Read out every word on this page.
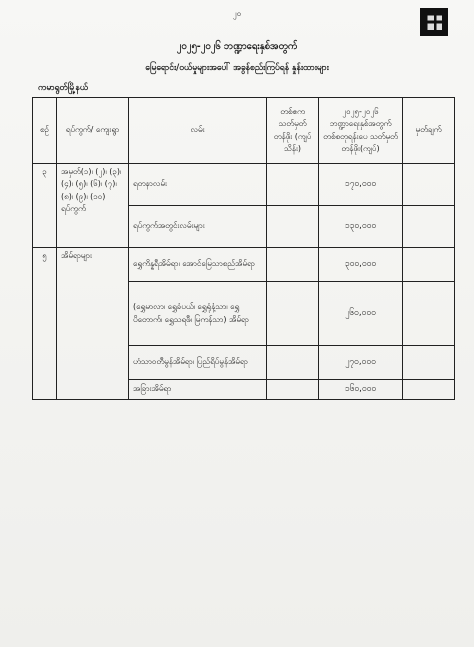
၂၀
၂၀၂၅-၂၀၂၆ ဘဏ္ဍာရေးနှစ်အတွက်
မြေရောင်း/ဝယ်မှုများအပေါ် အခွန်စည်းကြပ်ရန် နှုန်းထားများ
ကမာရွတ်မြို့နယ်
စဉ်	ရပ်ကွက်/ ကျေးရွာ	လမ်း	တစ်ဧက သတ်မှတ် တန်ဖိုး (ကျပ်သိန်း)	၂၀၂၅-၂၀၂၆ ဘဏ္ဍာရေးနှစ်အတွက် တစ်စတုရန်းပေ သတ်မှတ်တန်ဖိုး(ကျပ်)	မှတ်ချက်
၃	အမှတ်(၁)၊ (၂)၊ (၃)၊ (၄)၊ (၅)၊ (၆)၊ (၇)၊ (၈)၊ (၉)၊ (၁၀) ရပ်ကွက်	ရတနာလမ်း		၁၇၀,၀၀၀	
		ရပ်ကွက်အတွင်းလမ်းများ		၁၃၀,၀၀၀	
၅	အိမ်ရာများ	ရွှေကိန္နရီအိမ်ရာ၊ အောင်မြေသာစည်အိမ်ရာ		၃၀၀,၀၀၀	
		(ရွှေမာလာ၊ ရွှေခံပယ်၊ ရွှေရုံနံ့သာ၊ ရွှေပိတောက်၊ ရွှေသရဖီ၊ မြကန်သာ) အိမ်ရာ		၂၆၀,၀၀၀	
		ဟံသာဝတီမွန်အိမ်ရာ၊ ပြည်ရိပ်မွန်အိမ်ရာ		၂၇၀,၀၀၀	
		အခြားအိမ်ရာ		၁၆၀,၀၀၀	
